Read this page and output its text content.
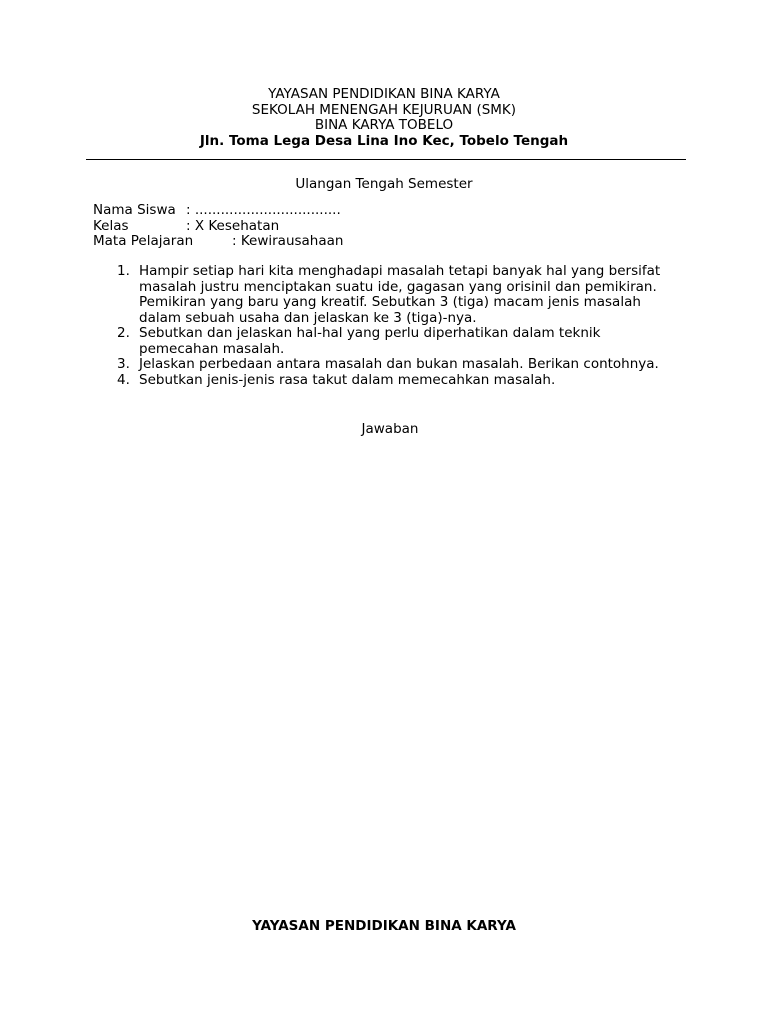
YAYASAN PENDIDIKAN BINA KARYA
SEKOLAH MENENGAH KEJURUAN (SMK)
BINA KARYA TOBELO
Jln. Toma Lega Desa Lina Ino Kec, Tobelo Tengah
Ulangan Tengah Semester
Nama Siswa : ..................................
Kelas	: X Kesehatan
Mata Pelajaran	: Kewirausahaan
1. Hampir setiap hari kita menghadapi masalah tetapi banyak hal yang bersifat masalah justru menciptakan suatu ide, gagasan yang orisinil dan pemikiran. Pemikiran yang baru yang kreatif. Sebutkan 3 (tiga) macam jenis masalah dalam sebuah usaha dan jelaskan ke 3 (tiga)-nya.
2. Sebutkan dan jelaskan hal-hal yang perlu diperhatikan dalam teknik pemecahan masalah.
3. Jelaskan perbedaan antara masalah dan bukan masalah. Berikan contohnya.
4. Sebutkan jenis-jenis rasa takut dalam memecahkan masalah.
Jawaban
YAYASAN PENDIDIKAN BINA KARYA
